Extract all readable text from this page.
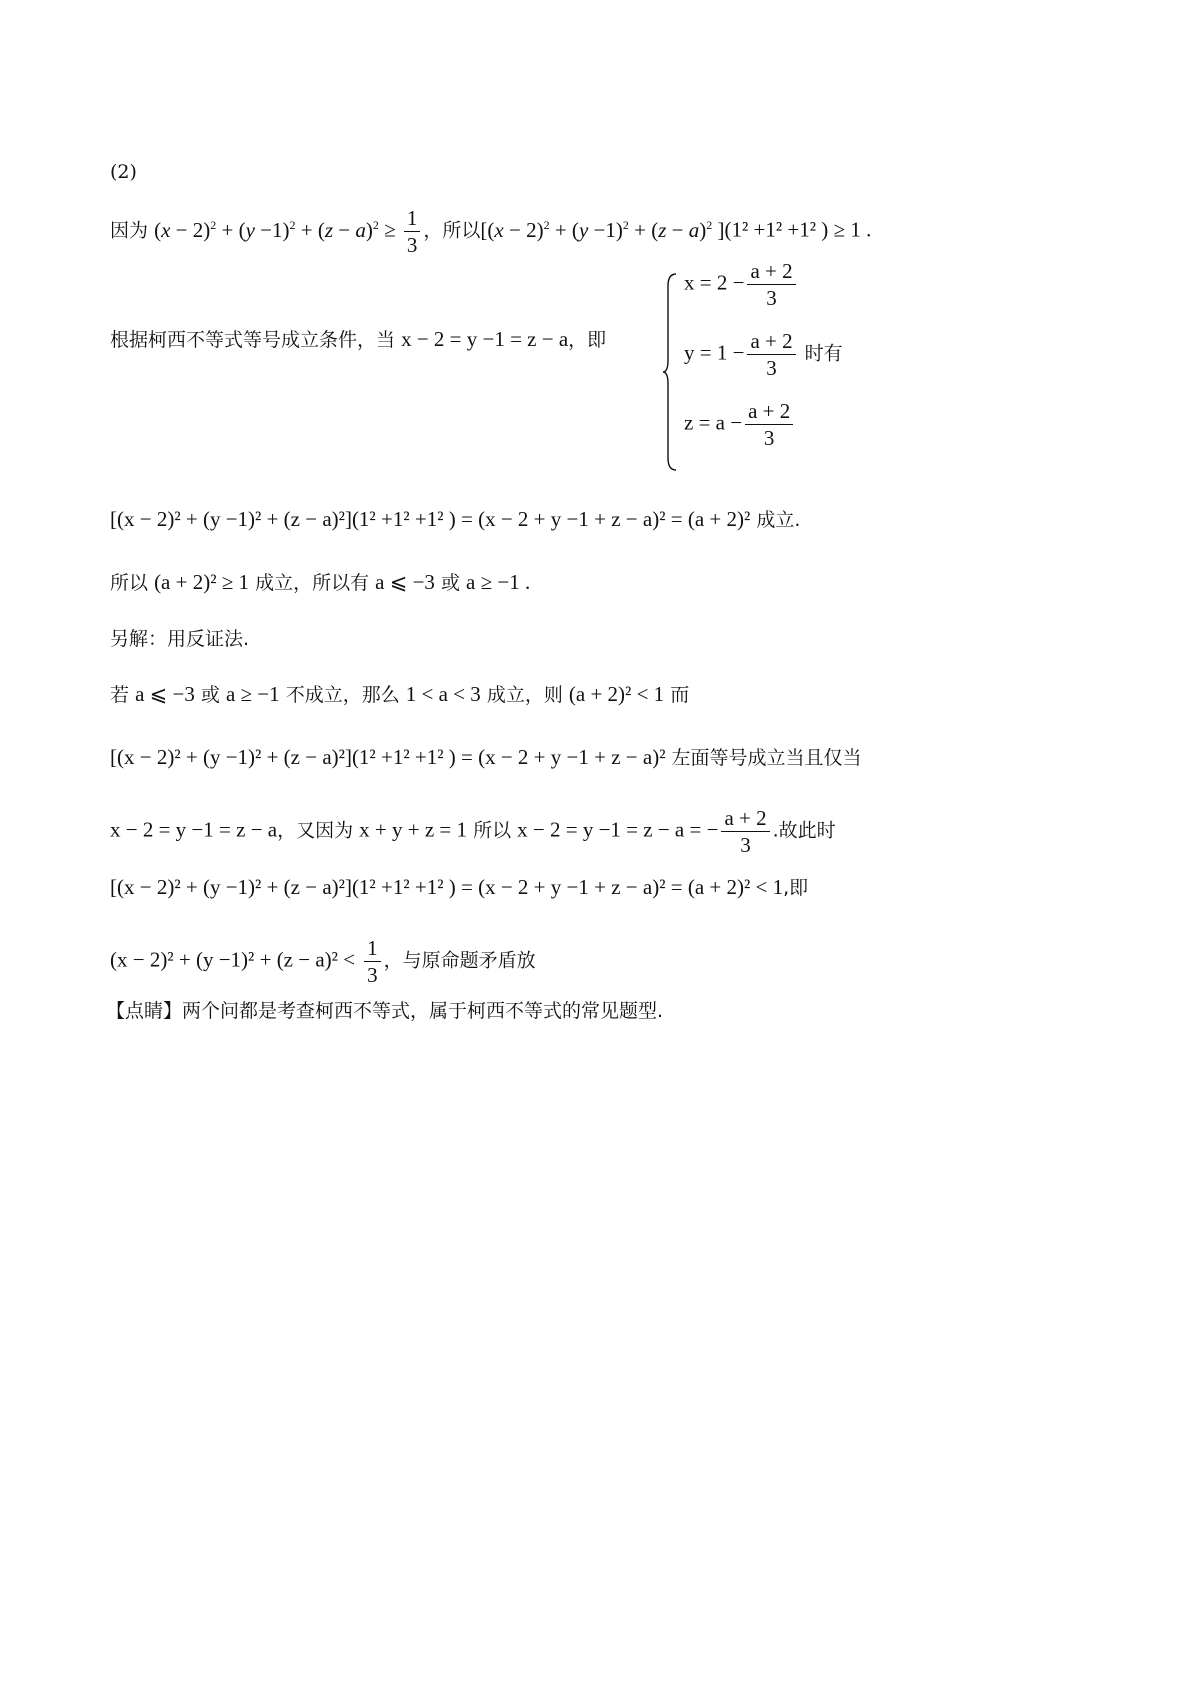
(2)
因为 $(x - 2)^2 + (y -1)^2 + (z - a)^2 \ge \frac{1}{3}$ ，所以[$(x - 2)^2 + (y -1)^2 + (z - a)^2$ ](1² +1² +1² ) ≥ 1 .
根据柯西不等式等号成立条件，当 x − 2 = y −1 = z − a，即
$x = 2 - \frac{a + 2}{3}$
$y = 1 - \frac{a + 2}{3}$ 时有
$z = a - \frac{a + 2}{3}$
[(x − 2)² + (y −1)² + (z − a)²](1² +1² +1² ) = (x − 2 + y −1 + z − a)² = (a + 2)² 成立.
所以 (a + 2)² ≥ 1 成立，所以有 a ⩽ −3 或 a ≥ −1 .
另解：用反证法.
若 a ⩽ −3 或 a ≥ −1 不成立，那么 1 < a < 3 成立，则 (a + 2)² < 1 而
[(x − 2)² + (y −1)² + (z − a)²](1² +1² +1² ) = (x − 2 + y −1 + z − a)² 左面等号成立当且仅当
x − 2 = y −1 = z − a，又因为 x + y + z = 1 所以 x − 2 = y −1 = z − a = − $\frac{a + 2}{3}$ .故此时
[(x − 2)² + (y −1)² + (z − a)²](1² +1² +1² ) = (x − 2 + y −1 + z − a)² = (a + 2)² < 1,即
$(x - 2)^2 + (y -1)^2 + (z - a)^2 < \frac{1}{3}$ ，与原命题矛盾放
【点睛】两个问都是考查柯西不等式，属于柯西不等式的常见题型.
